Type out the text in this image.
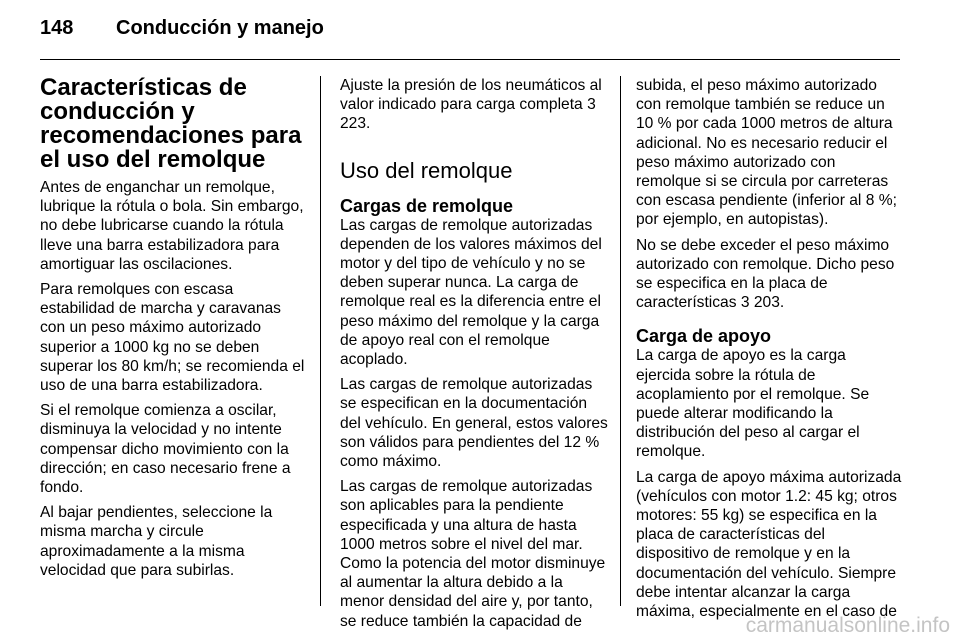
148 Conducción y manejo
Características de conducción y recomendaciones para el uso del remolque

Antes de enganchar un remolque, lubrique la rótula o bola. Sin embargo, no debe lubricarse cuando la rótula lleve una barra estabilizadora para amortiguar las oscilaciones.

Para remolques con escasa estabilidad de marcha y caravanas con un peso máximo autorizado superior a 1000 kg no se deben superar los 80 km/h; se recomienda el uso de una barra estabilizadora.

Si el remolque comienza a oscilar, disminuya la velocidad y no intente compensar dicho movimiento con la dirección; en caso necesario frene a fondo.

Al bajar pendientes, seleccione la misma marcha y circule aproximadamente a la misma velocidad que para subirlas.

Ajuste la presión de los neumáticos al valor indicado para carga completa 3 223.

Uso del remolque
Cargas de remolque

Las cargas de remolque autorizadas dependen de los valores máximos del motor y del tipo de vehículo y no se deben superar nunca. La carga de remolque real es la diferencia entre el peso máximo del remolque y la carga de apoyo real con el remolque acoplado.

Las cargas de remolque autorizadas se especifican en la documentación del vehículo. En general, estos valores son válidos para pendientes del 12 % como máximo.

Las cargas de remolque autorizadas son aplicables para la pendiente especificada y una altura de hasta 1000 metros sobre el nivel del mar. Como la potencia del motor disminuye al aumentar la altura debido a la menor densidad del aire y, por tanto, se reduce también la capacidad de

subida, el peso máximo autorizado con remolque también se reduce un 10 % por cada 1000 metros de altura adicional. No es necesario reducir el peso máximo autorizado con remolque si se circula por carreteras con escasa pendiente (inferior al 8 %; por ejemplo, en autopistas).

No se debe exceder el peso máximo autorizado con remolque. Dicho peso se especifica en la placa de características 3 203.

Carga de apoyo

La carga de apoyo es la carga ejercida sobre la rótula de acoplamiento por el remolque. Se puede alterar modificando la distribución del peso al cargar el remolque.

La carga de apoyo máxima autorizada (vehículos con motor 1.2: 45 kg; otros motores: 55 kg) se especifica en la placa de características del dispositivo de remolque y en la documentación del vehículo. Siempre debe intentar alcanzar la carga máxima, especialmente en el caso de

carmanualsonline.info
